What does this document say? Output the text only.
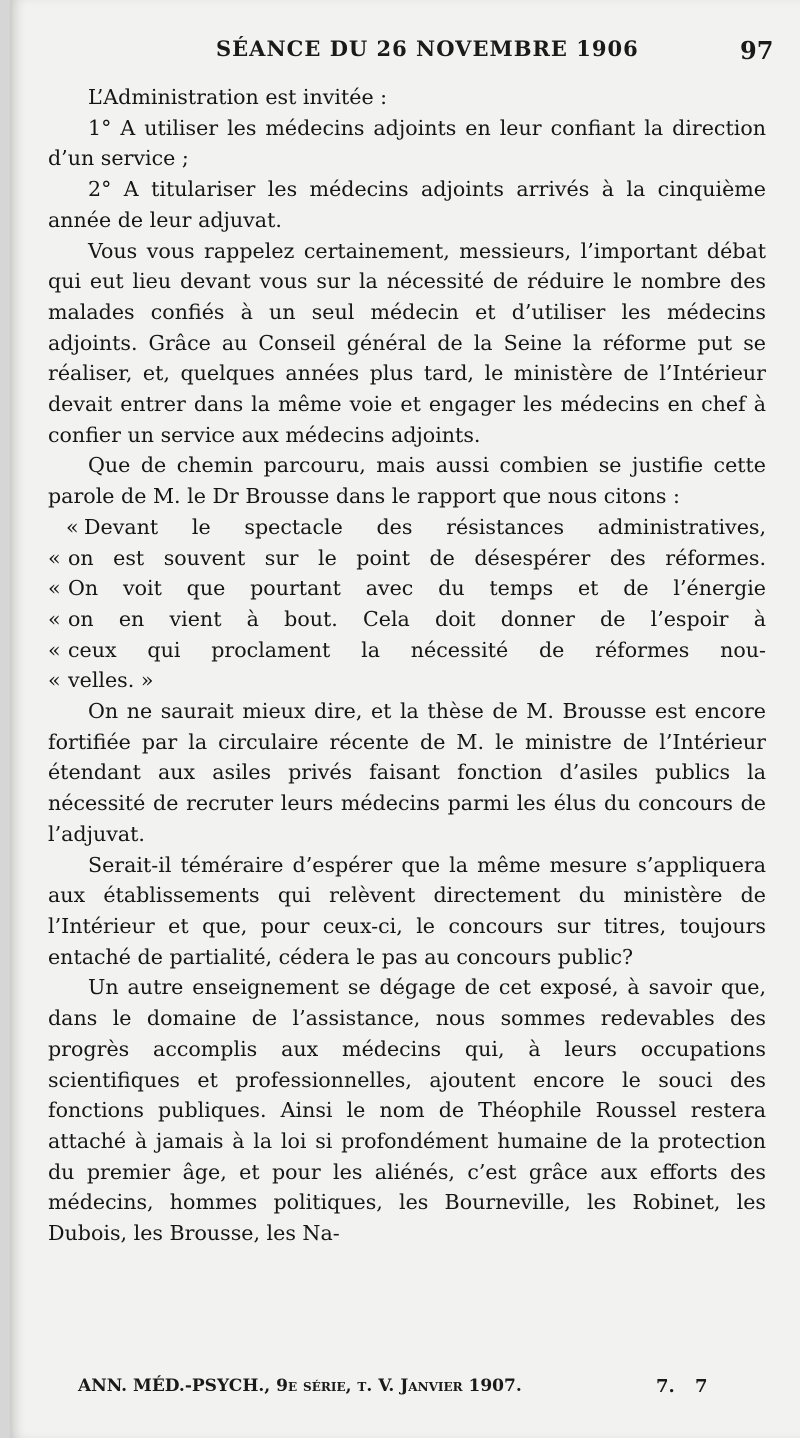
SÉANCE DU 26 NOVEMBRE 1906	97

L’Administration est invitée :

1° A utiliser les médecins adjoints en leur confiant la direction d’un service ;

2° A titulariser les médecins adjoints arrivés à la cinquième année de leur adjuvat.

Vous vous rappelez certainement, messieurs, l’important débat qui eut lieu devant vous sur la nécessité de réduire le nombre des malades confiés à un seul médecin et d’utiliser les médecins adjoints. Grâce au Conseil général de la Seine la réforme put se réaliser, et, quelques années plus tard, le ministère de l’Intérieur devait entrer dans la même voie et engager les médecins en chef à confier un service aux médecins adjoints.

Que de chemin parcouru, mais aussi combien se justifie cette parole de M. le Dr Brousse dans le rapport que nous citons :

« Devant le spectacle des résistances administratives,
« on est souvent sur le point de désespérer des réformes.
« On voit que pourtant avec du temps et de l’énergie
« on en vient à bout. Cela doit donner de l’espoir à
« ceux qui proclament la nécessité de réformes nou-
« velles. »

On ne saurait mieux dire, et la thèse de M. Brousse est encore fortifiée par la circulaire récente de M. le ministre de l’Intérieur étendant aux asiles privés faisant fonction d’asiles publics la nécessité de recruter leurs médecins parmi les élus du concours de l’adjuvat.

Serait-il téméraire d’espérer que la même mesure s’appliquera aux établissements qui relèvent directement du ministère de l’Intérieur et que, pour ceux-ci, le concours sur titres, toujours entaché de partialité, cédera le pas au concours public?

Un autre enseignement se dégage de cet exposé, à savoir que, dans le domaine de l’assistance, nous sommes redevables des progrès accomplis aux médecins qui, à leurs occupations scientifiques et professionnelles, ajoutent encore le souci des fonctions publiques. Ainsi le nom de Théophile Roussel restera attaché à jamais à la loi si profondément humaine de la protection du premier âge, et pour les aliénés, c’est grâce aux efforts des médecins, hommes politiques, les Bourneville, les Robinet, les Dubois, les Brousse, les Na-

ANN. MÉD.-PSYCH., 9e série, t. V. Janvier 1907.	7. 7
